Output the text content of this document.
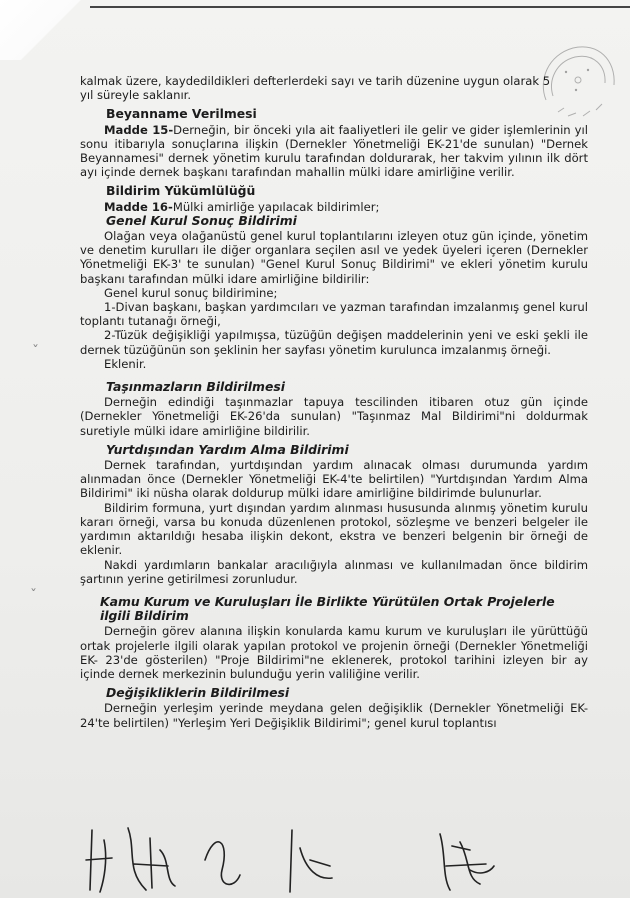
kalmak üzere, kaydedildikleri defterlerdeki sayı ve tarih düzenine uygun olarak 5

yıl süreyle saklanır.

Beyanname Verilmesi

Madde 15-Derneğin, bir önceki yıla ait faaliyetleri ile gelir ve gider işlemlerinin yıl sonu itibarıyla sonuçlarına ilişkin (Dernekler Yönetmeliği EK-21'de sunulan) "Dernek Beyannamesi" dernek yönetim kurulu tarafından doldurarak, her takvim yılının ilk dört ayı içinde dernek başkanı tarafından mahallin mülki idare amirliğine verilir.

Bildirim Yükümlülüğü

Madde 16-Mülki amirliğe yapılacak bildirimler;

Genel Kurul Sonuç Bildirimi

Olağan veya olağanüstü genel kurul toplantılarını izleyen otuz gün içinde, yönetim ve denetim kurulları ile diğer organlara seçilen asıl ve yedek üyeleri içeren (Dernekler Yönetmeliği EK-3' te sunulan) "Genel Kurul Sonuç Bildirimi" ve ekleri yönetim kurulu başkanı tarafından mülki idare amirliğine bildirilir:

Genel kurul sonuç bildirimine;

1-Divan başkanı, başkan yardımcıları ve yazman tarafından imzalanmış genel kurul toplantı tutanağı örneği,

2-Tüzük değişikliği yapılmışsa, tüzüğün değişen maddelerinin yeni ve eski şekli ile dernek tüzüğünün son şeklinin her sayfası yönetim kurulunca imzalanmış örneği.

Eklenir.

Taşınmazların Bildirilmesi

Derneğin edindiği taşınmazlar tapuya tescilinden itibaren otuz gün içinde (Dernekler Yönetmeliği EK-26'da sunulan) "Taşınmaz Mal Bildirimi"ni doldurmak suretiyle mülki idare amirliğine bildirilir.

Yurtdışından Yardım Alma Bildirimi

Dernek tarafından, yurtdışından yardım alınacak olması durumunda yardım alınmadan önce (Dernekler Yönetmeliği EK-4'te belirtilen) "Yurtdışından Yardım Alma Bildirimi" iki nüsha olarak doldurup mülki idare amirliğine bildirimde bulunurlar.

Bildirim formuna, yurt dışından yardım alınması hususunda alınmış yönetim kurulu kararı örneği, varsa bu konuda düzenlenen protokol, sözleşme ve benzeri belgeler ile yardımın aktarıldığı hesaba ilişkin dekont, ekstra ve benzeri belgenin bir örneği de eklenir.

Nakdi yardımların bankalar aracılığıyla alınması ve kullanılmadan önce bildirim şartının yerine getirilmesi zorunludur.

Kamu Kurum ve Kuruluşları İle Birlikte Yürütülen Ortak Projelerle ilgili Bildirim

Derneğin görev alanına ilişkin konularda kamu kurum ve kuruluşları ile yürüttüğü ortak projelerle ilgili olarak yapılan protokol ve projenin örneği (Dernekler Yönetmeliği EK- 23'de gösterilen) "Proje Bildirimi"ne eklenerek, protokol tarihini izleyen bir ay içinde dernek merkezinin bulunduğu yerin valiliğine verilir.

Değişikliklerin Bildirilmesi

Derneğin yerleşim yerinde meydana gelen değişiklik (Dernekler Yönetmeliği EK-24'te belirtilen) "Yerleşim Yeri Değişiklik Bildirimi"; genel kurul toplantısı

ˇ
ˇ
